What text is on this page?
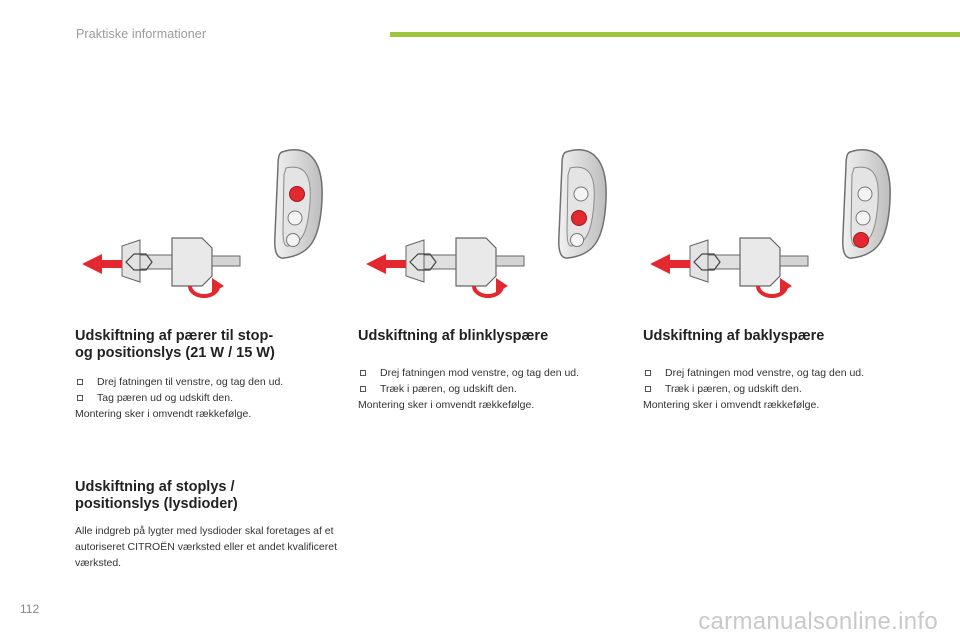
Praktiske informationer
Udskiftning af pærer til stop-
og positionslys (21 W / 15 W)
Drej fatningen til venstre, og tag den ud.
Tag pæren ud og udskift den.

Montering sker i omvendt rækkefølge.

Udskiftning af blinklyspære
Drej fatningen mod venstre, og tag den ud.
Træk i pæren, og udskift den.

Montering sker i omvendt rækkefølge.

Udskiftning af baklyspære
Drej fatningen mod venstre, og tag den ud.
Træk i pæren, og udskift den.

Montering sker i omvendt rækkefølge.

Udskiftning af stoplys /
positionslys (lysdioder)

Alle indgreb på lygter med lysdioder skal foretages af et autoriseret CITROËN værksted eller et andet kvalificeret værksted.

112	carmanualsonline.info
